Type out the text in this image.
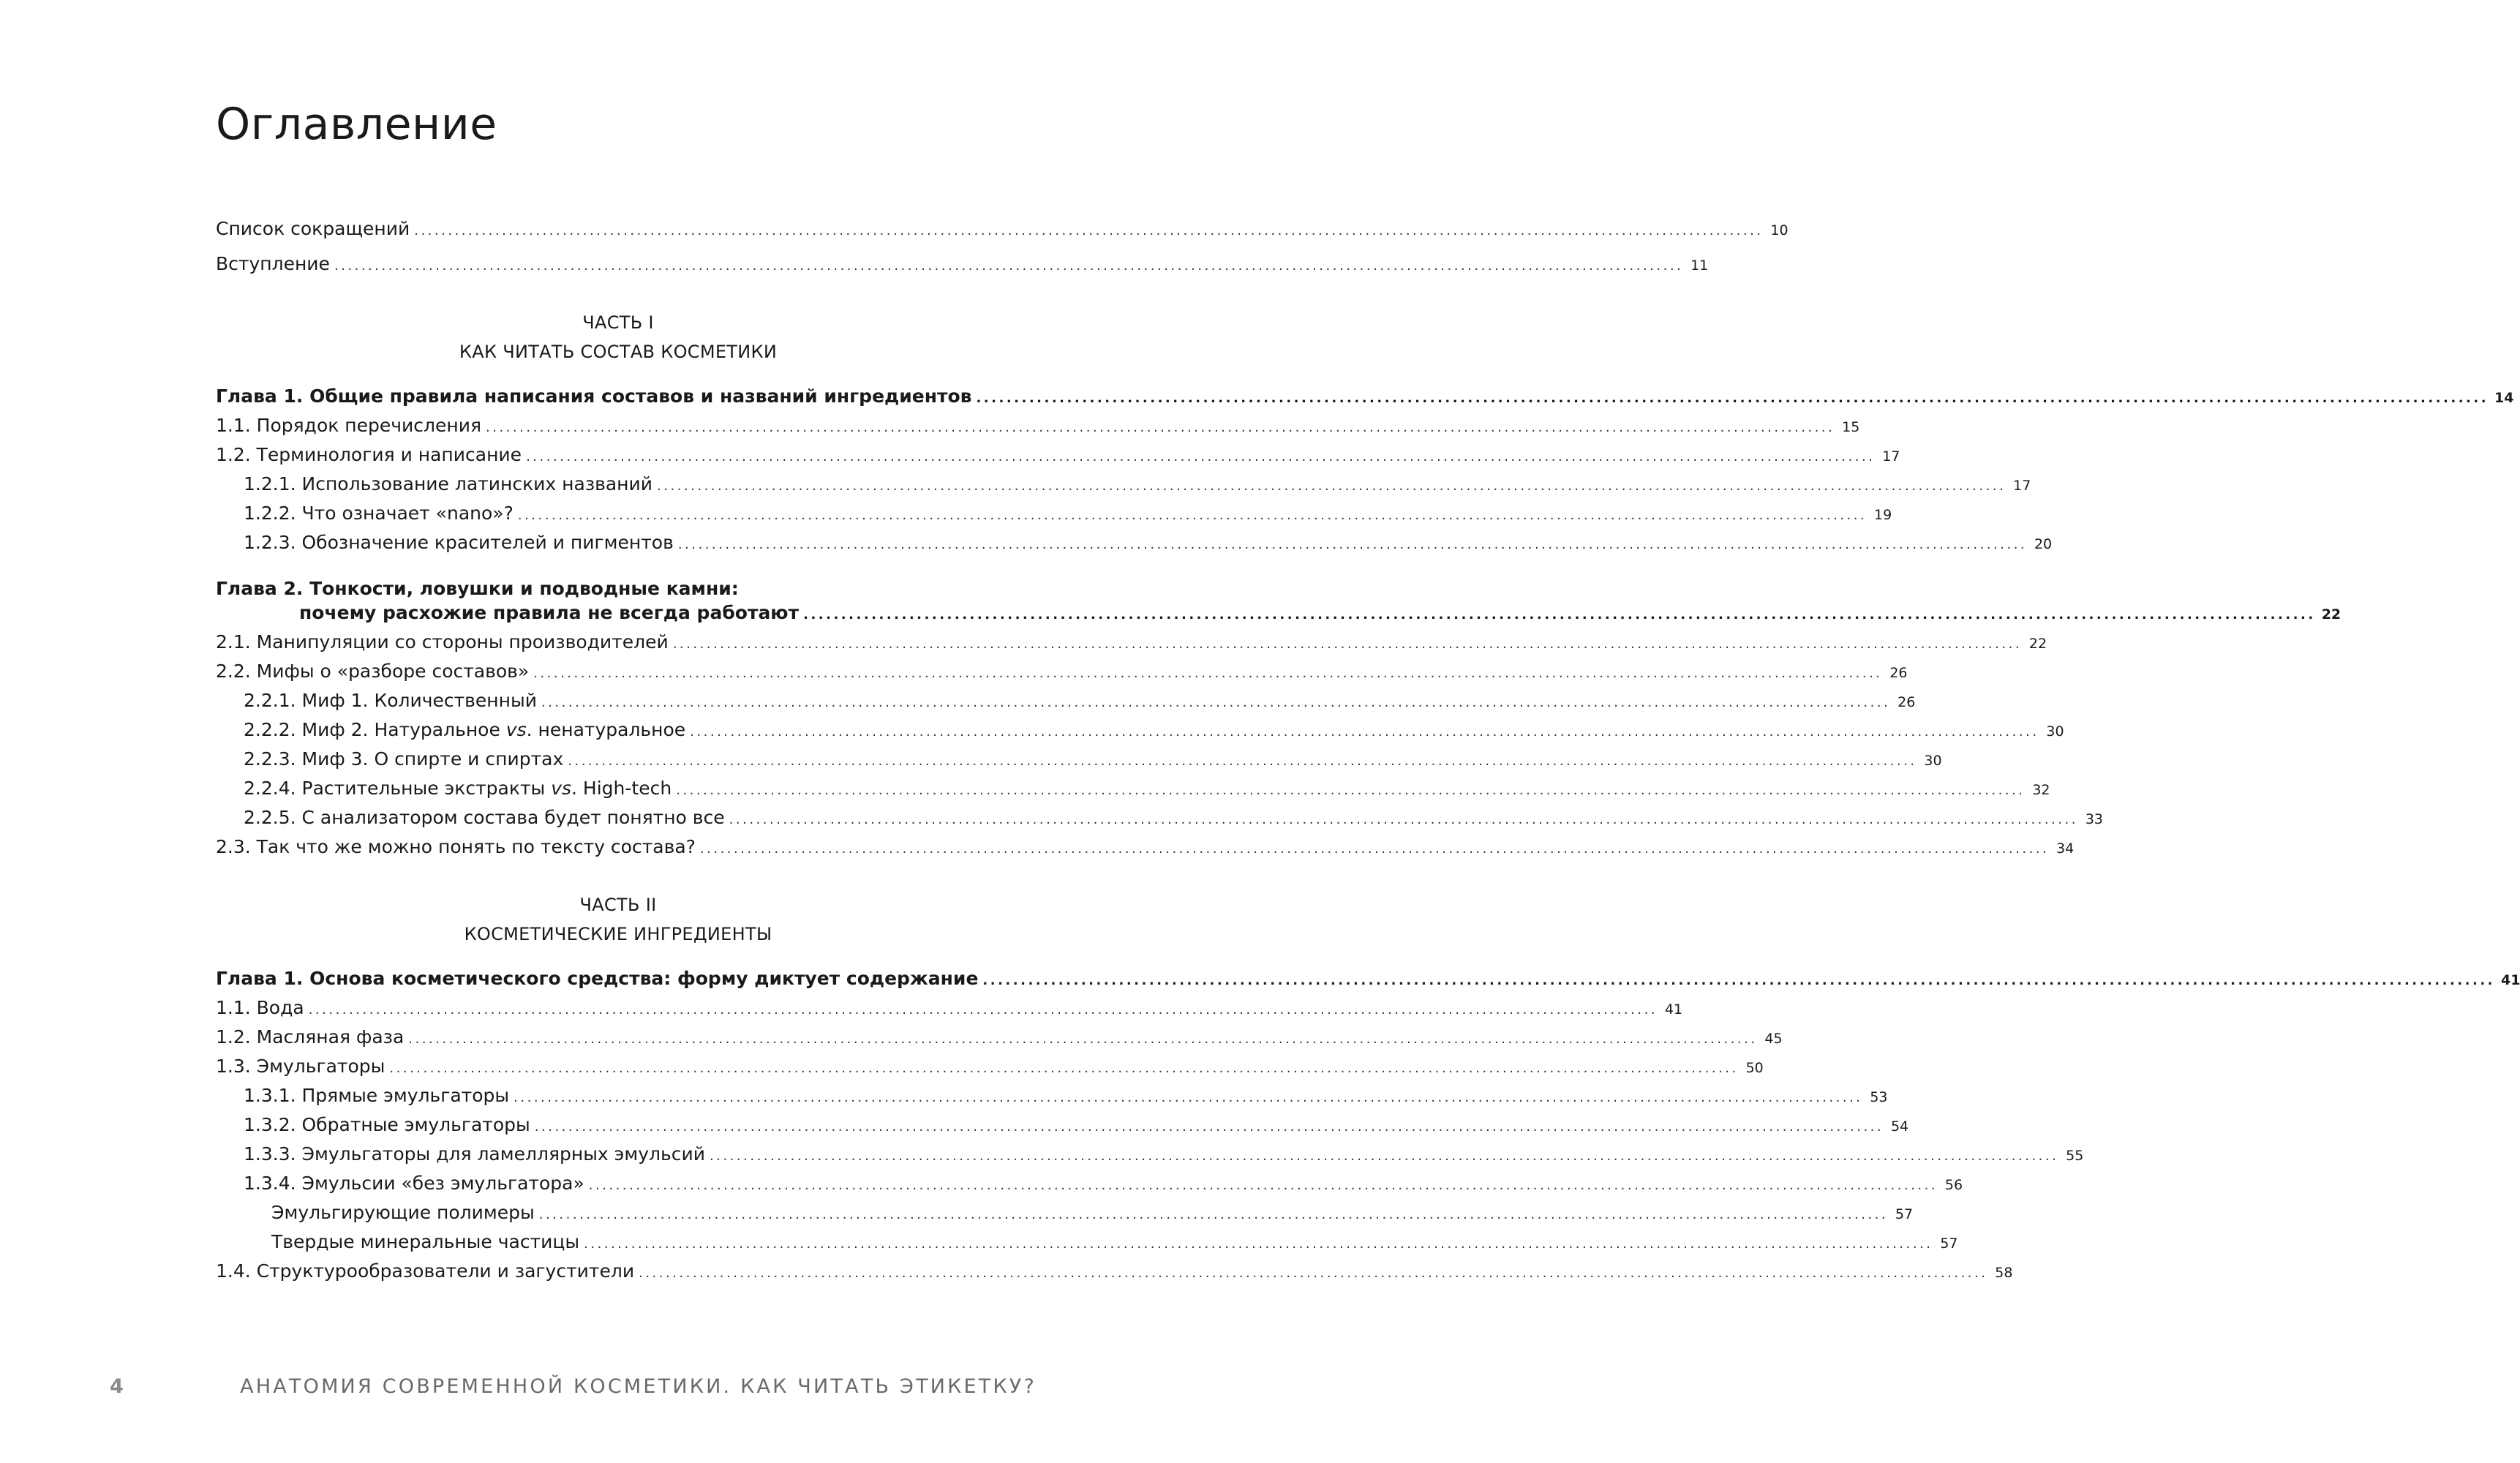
Оглавление
Список сокращений ........................................................................................................................................................................................................ 10
Вступление ........................................................................................................................................................................................................ 11
ЧАСТЬ I
КАК ЧИТАТЬ СОСТАВ КОСМЕТИКИ
Глава 1. Общие правила написания составов и названий ингредиентов ........................................................................................................................................................................................................ 14
1.1. Порядок перечисления ........................................................................................................................................................................................................ 15
1.2. Терминология и написание ........................................................................................................................................................................................................ 17
1.2.1. Использование латинских названий ........................................................................................................................................................................................................ 17
1.2.2. Что означает «nano»? ........................................................................................................................................................................................................ 19
1.2.3. Обозначение красителей и пигментов ........................................................................................................................................................................................................ 20
Глава 2. Тонкости, ловушки и подводные камни:
почему расхожие правила не всегда работают ........................................................................................................................................................................................................ 22
2.1. Манипуляции со стороны производителей ........................................................................................................................................................................................................ 22
2.2. Мифы о «разборе составов» ........................................................................................................................................................................................................ 26
2.2.1. Миф 1. Количественный ........................................................................................................................................................................................................ 26
2.2.2. Миф 2. Натуральное vs. ненатуральное ........................................................................................................................................................................................................ 30
2.2.3. Миф 3. О спирте и спиртах ........................................................................................................................................................................................................ 30
2.2.4. Растительные экстракты vs. High-tech ........................................................................................................................................................................................................ 32
2.2.5. С анализатором состава будет понятно все ........................................................................................................................................................................................................ 33
2.3. Так что же можно понять по тексту состава? ........................................................................................................................................................................................................ 34
ЧАСТЬ II
КОСМЕТИЧЕСКИЕ ИНГРЕДИЕНТЫ
Глава 1. Основа косметического средства: форму диктует содержание ........................................................................................................................................................................................................ 41
1.1. Вода ........................................................................................................................................................................................................ 41
1.2. Масляная фаза ........................................................................................................................................................................................................ 45
1.3. Эмульгаторы ........................................................................................................................................................................................................ 50
1.3.1. Прямые эмульгаторы ........................................................................................................................................................................................................ 53
1.3.2. Обратные эмульгаторы ........................................................................................................................................................................................................ 54
1.3.3. Эмульгаторы для ламеллярных эмульсий ........................................................................................................................................................................................................ 55
1.3.4. Эмульсии «без эмульгатора» ........................................................................................................................................................................................................ 56
Эмульгирующие полимеры ........................................................................................................................................................................................................ 57
Твердые минеральные частицы ........................................................................................................................................................................................................ 57
1.4. Структурообразователи и загустители ........................................................................................................................................................................................................ 58
4	АНАТОМИЯ СОВРЕМЕННОЙ КОСМЕТИКИ. КАК ЧИТАТЬ ЭТИКЕТКУ?
